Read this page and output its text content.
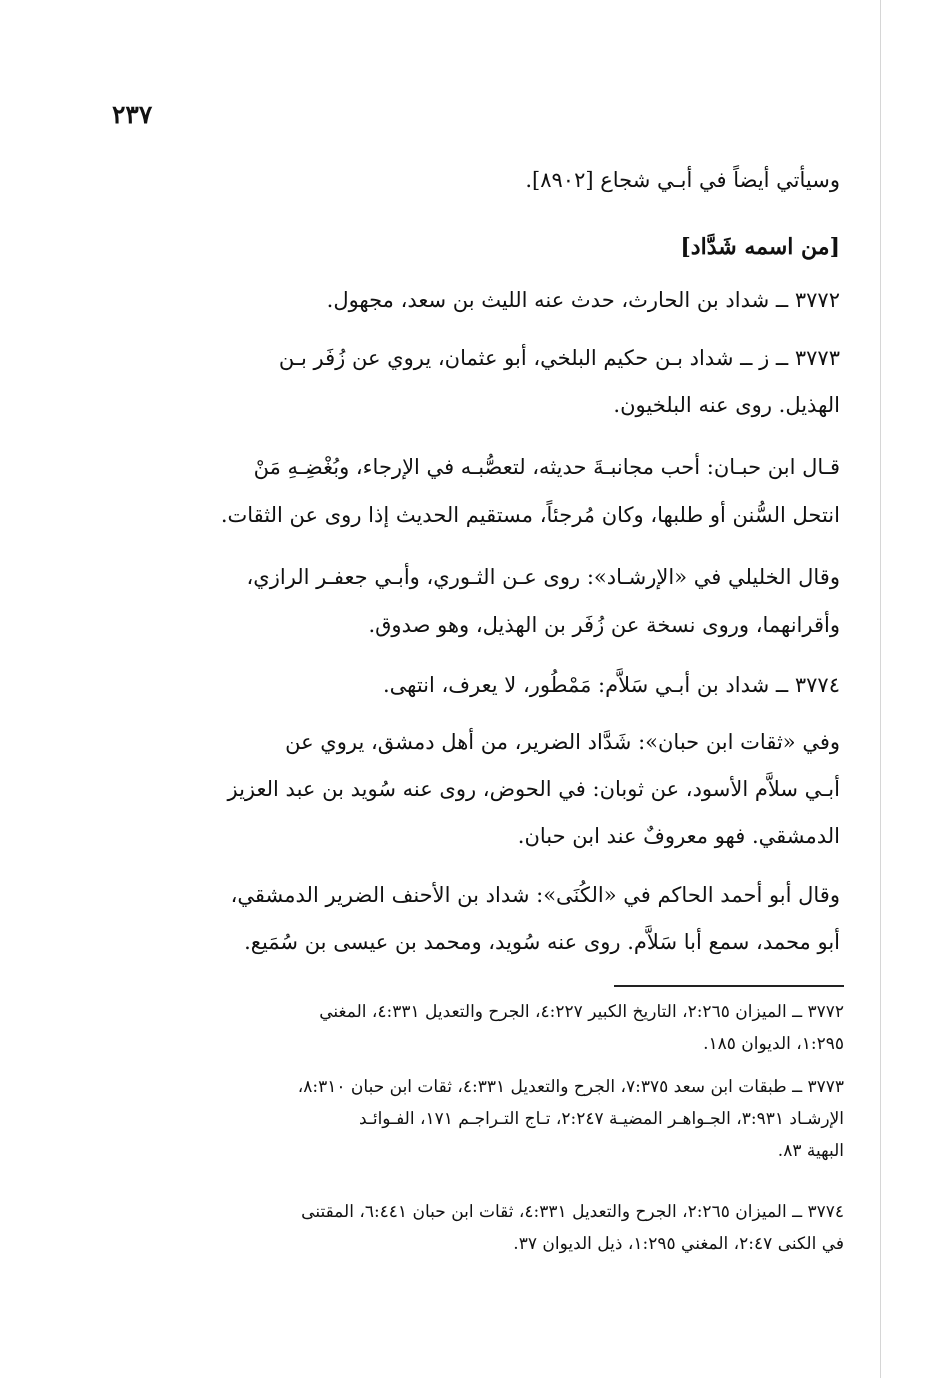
٢٣٧
وسيأتي أيضاً في أبـي شجاع [٨٩٠٢].
[من اسمه شَدَّاد]
٣٧٧٢ ــ شداد بن الحارث، حدث عنه الليث بن سعد، مجهول.
٣٧٧٣ ــ ز ــ شداد بـن حكيم البلخي، أبو عثمان، يروي عن زُفَر بـن
الهذيل. روى عنه البلخيون.
قـال ابن حبـان: أحب مجانبـةَ حديثه، لتعصُّبـه في الإرجاء، وبُغْضِـهِ مَنْ
انتحل السُّنن أو طلبها، وكان مُرجئاً، مستقيم الحديث إذا روى عن الثقات.
وقال الخليلي في «الإرشـاد»: روى عـن الثـوري، وأبـي جعفـر الرازي،
وأقرانهما، وروى نسخة عن زُفَر بن الهذيل، وهو صدوق.
٣٧٧٤ ــ شداد بن أبـي سَلاَّم: مَمْطُور، لا يعرف، انتهى.
وفي «ثقات ابن حبان»: شَدَّاد الضرير، من أهل دمشق، يروي عن
أبـي سلاَّم الأسود، عن ثوبان: في الحوض، روى عنه سُويد بن عبد العزيز
الدمشقي. فهو معروفٌ عند ابن حبان.
وقال أبو أحمد الحاكم في «الكُنَى»: شداد بن الأحنف الضرير الدمشقي،
أبو محمد، سمع أبا سَلاَّم. روى عنه سُويد، ومحمد بن عيسى بن سُمَيع.
٣٧٧٢ ــ الميزان ٢:٢٦٥، التاريخ الكبير ٤:٢٢٧، الجرح والتعديل ٤:٣٣١، المغني
١:٢٩٥، الديوان ١٨٥.
٣٧٧٣ ــ طبقات ابن سعد ٧:٣٧٥، الجرح والتعديل ٤:٣٣١، ثقات ابن حبان ٨:٣١٠،
الإرشـاد ٣:٩٣١، الجـواهـر المضيـة ٢:٢٤٧، تـاج التـراجـم ١٧١، الفـوائـد
البهية ٨٣.
٣٧٧٤ ــ الميزان ٢:٢٦٥، الجرح والتعديل ٤:٣٣١، ثقات ابن حبان ٦:٤٤١، المقتنى
في الكنى ٢:٤٧، المغني ١:٢٩٥، ذيل الديوان ٣٧.
